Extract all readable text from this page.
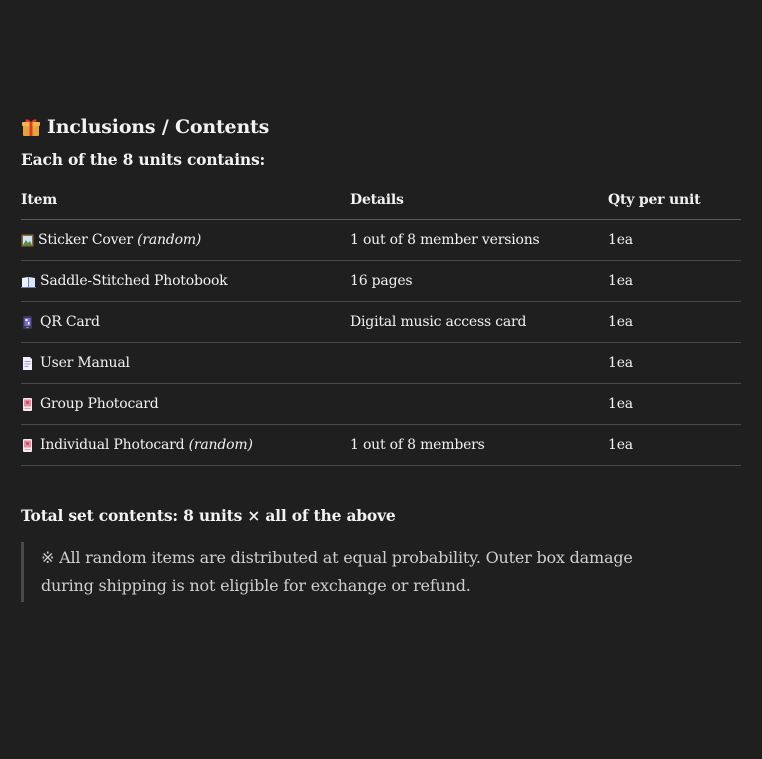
Inclusions / Contents
Each of the 8 units contains:
Item	Details	Qty per unit

Sticker Cover
(random)	1 out of 8 member versions	1ea

Saddle-Stitched Photobook	16 pages	1ea

QR Card	Digital music access card	1ea

User Manual		1ea

Group Photocard		1ea

Individual Photocard
(random)	1 out of 8 members	1ea
Total set contents: 8 units × all of the above
※ All random items are distributed at equal probability. Outer box damage during shipping is not eligible for exchange or refund.
